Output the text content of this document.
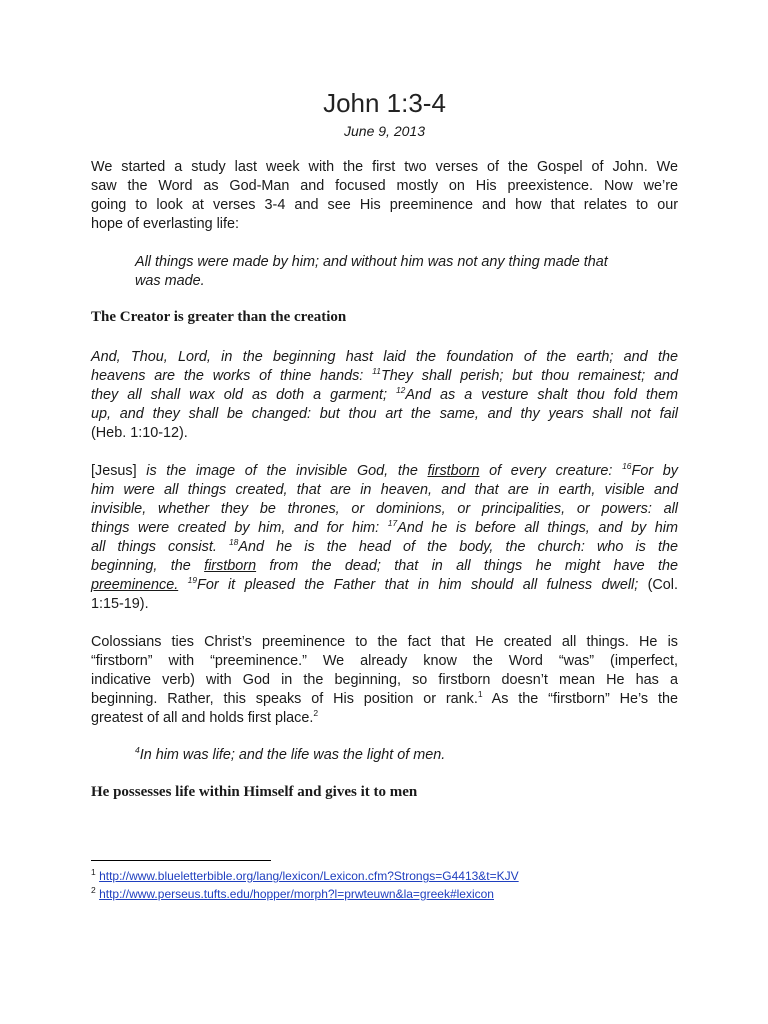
John 1:3-4

June 9, 2013

We started a study last week with the first two verses of the Gospel of John. We
saw the Word as God-Man and focused mostly on His preexistence. Now we’re
going to look at verses 3-4 and see His preeminence and how that relates to our
hope of everlasting life:

All things were made by him; and without him was not any thing made that
was made.

The Creator is greater than the creation

And, Thou, Lord, in the beginning hast laid the foundation of the earth; and the
heavens are the works of thine hands: $^{11}$They shall perish; but thou remainest; and
they all shall wax old as doth a garment; $^{12}$And as a vesture shalt thou fold them
up, and they shall be changed: but thou art the same, and thy years shall not fail
(Heb. 1:10-12).

[Jesus] is the image of the invisible God, the firstborn of every creature: $^{16}$For by
him were all things created, that are in heaven, and that are in earth, visible and
invisible, whether they be thrones, or dominions, or principalities, or powers: all
things were created by him, and for him: $^{17}$And he is before all things, and by him
all things consist. $^{18}$And he is the head of the body, the church: who is the
beginning, the firstborn from the dead; that in all things he might have the
preeminence. $^{19}$For it pleased the Father that in him should all fulness dwell; (Col.
1:15-19).

Colossians ties Christ’s preeminence to the fact that He created all things. He is
“firstborn” with “preeminence.” We already know the Word “was” (imperfect,
indicative verb) with God in the beginning, so firstborn doesn’t mean He has a
beginning. Rather, this speaks of His position or rank.$^1$ As the “firstborn” He’s the
greatest of all and holds first place.$^2$

$^4$In him was life; and the life was the light of men.

He possesses life within Himself and gives it to men

$^1$ http://www.blueletterbible.org/lang/lexicon/Lexicon.cfm?Strongs=G4413&t=KJV

$^2$ http://www.perseus.tufts.edu/hopper/morph?l=prwteuwn&la=greek#lexicon
